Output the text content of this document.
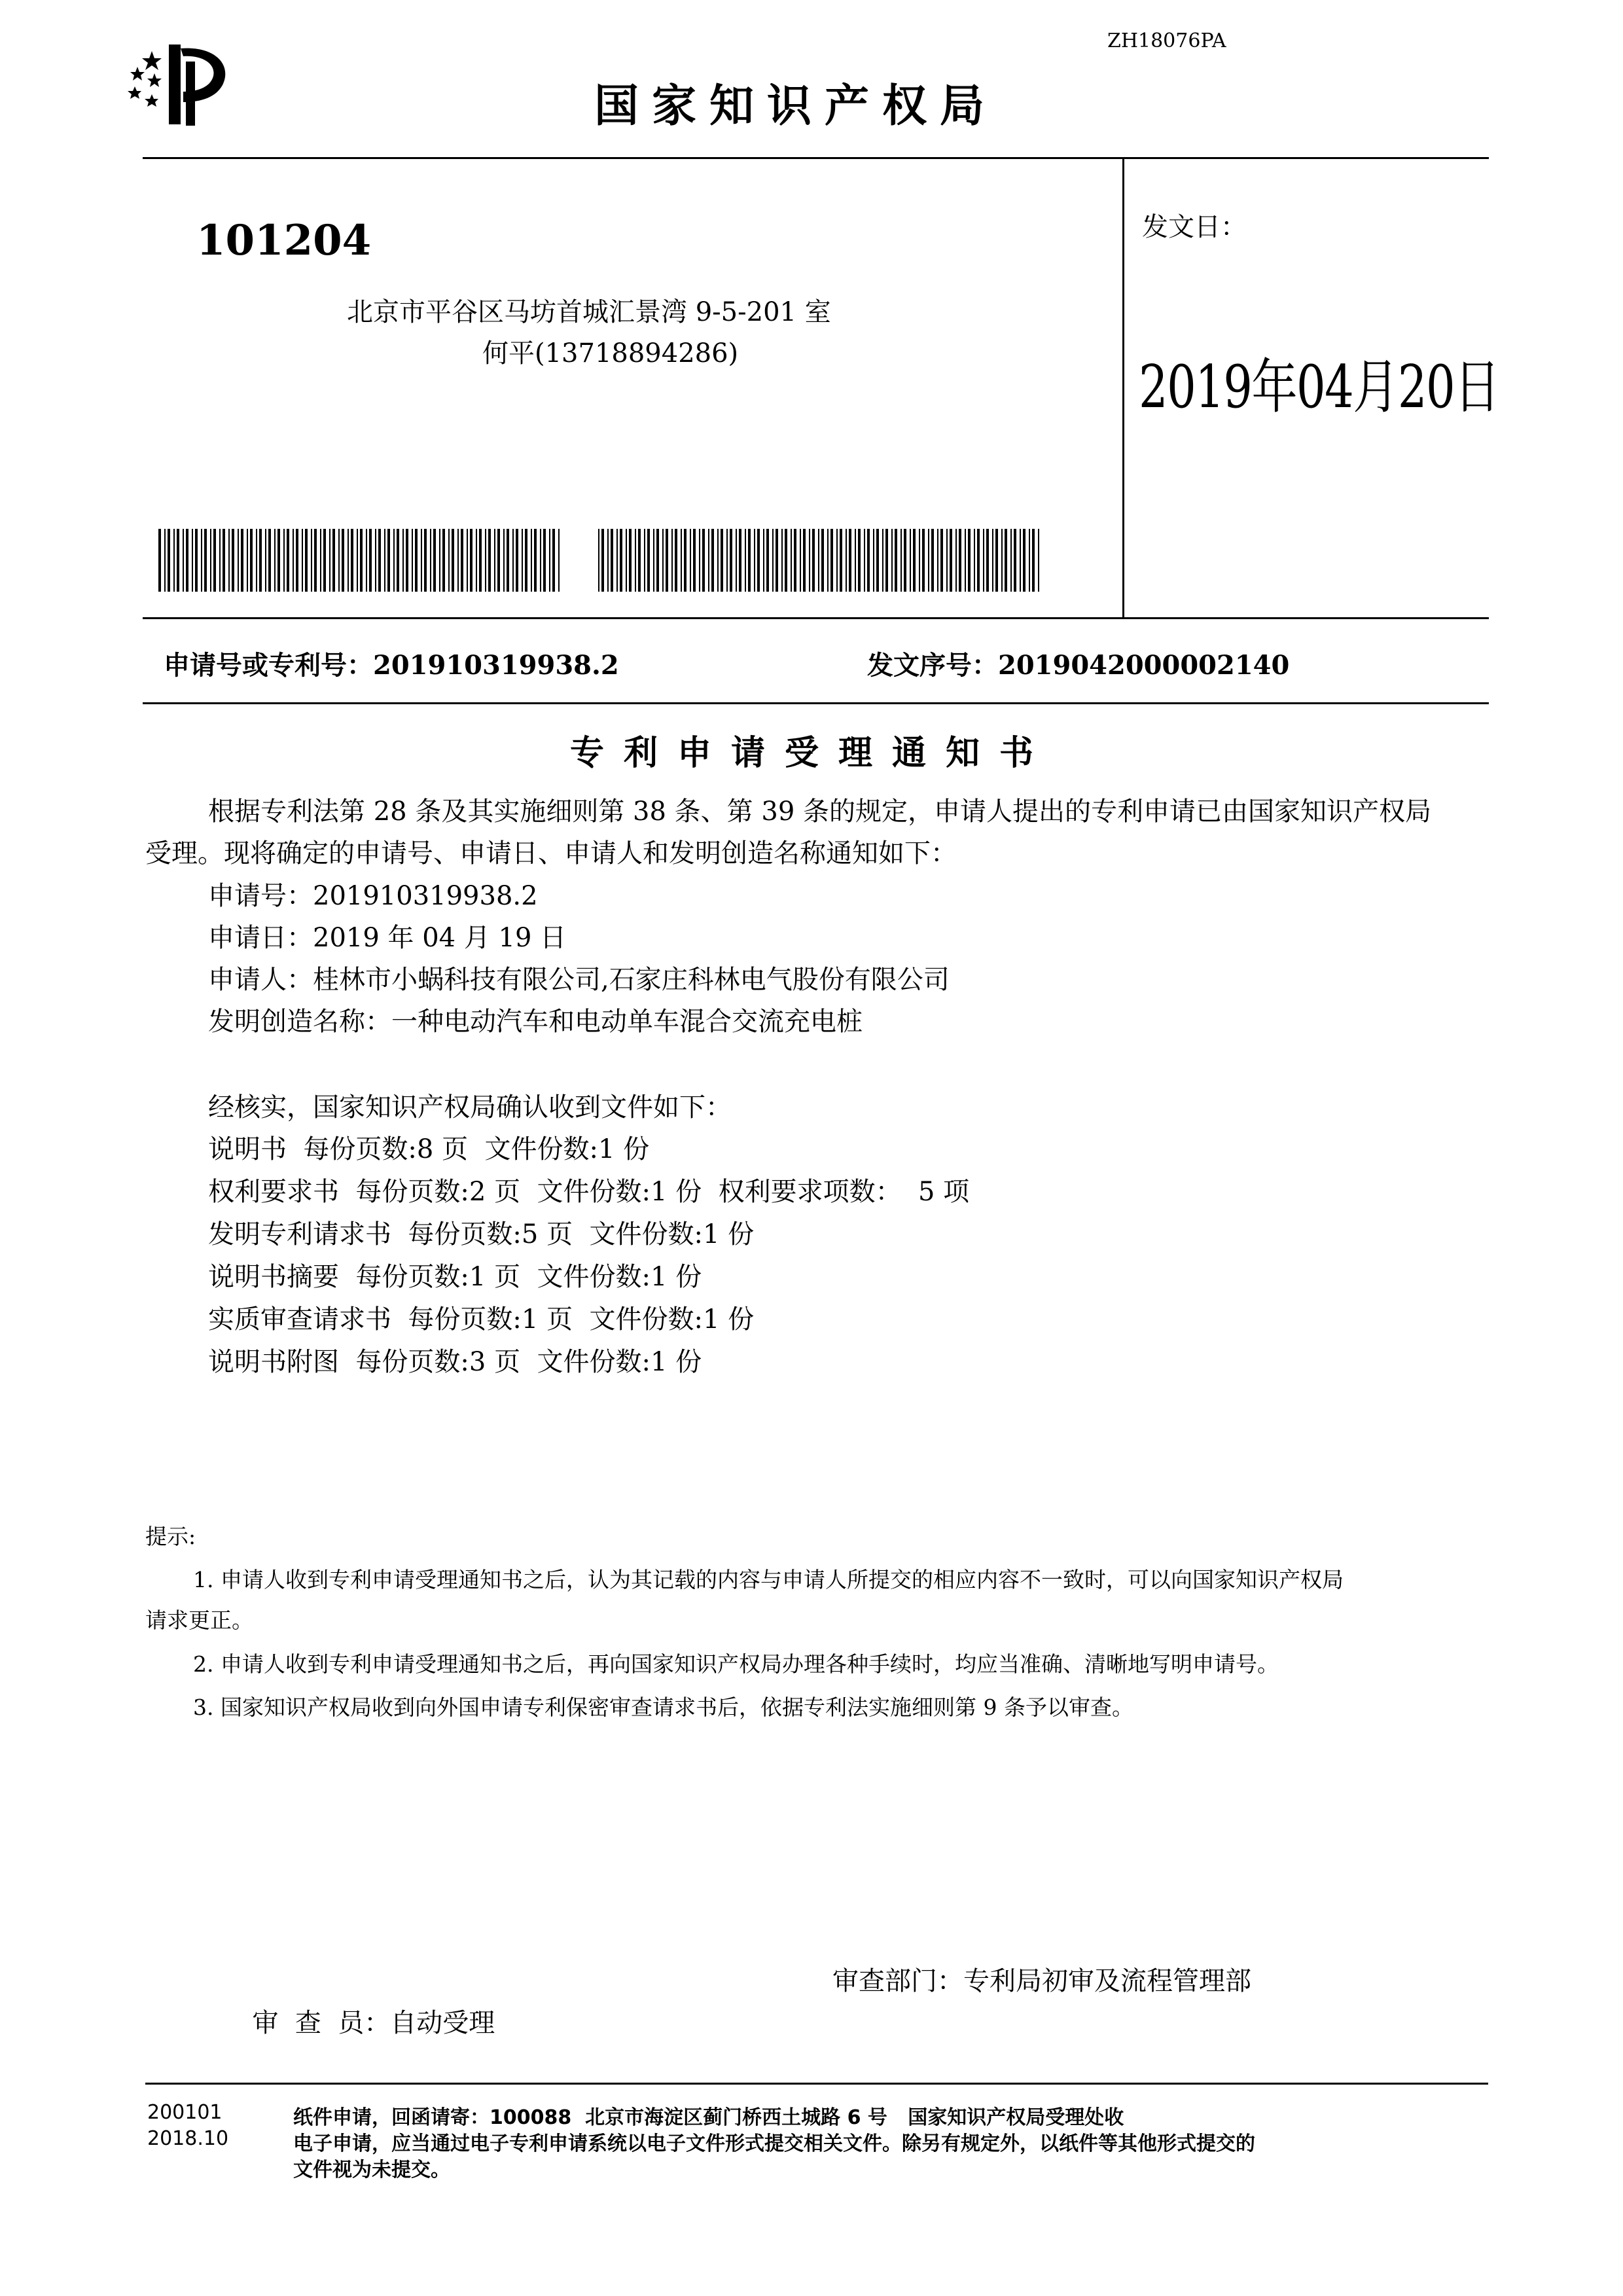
ZH18076PA
国家知识产权局
101204
北京市平谷区马坊首城汇景湾 9-5-201 室
何平(13718894286)
发文日：
2019年04月20日
申请号或专利号：201910319938.2	发文序号：2019042000002140
专利申请受理通知书
根据专利法第 28 条及其实施细则第 38 条、第 39 条的规定，申请人提出的专利申请已由国家知识产权局
受理。现将确定的申请号、申请日、申请人和发明创造名称通知如下：
申请号：201910319938.2
申请日：2019 年 04 月 19 日
申请人：桂林市小蜗科技有限公司,石家庄科林电气股份有限公司
发明创造名称：一种电动汽车和电动单车混合交流充电桩
经核实，国家知识产权局确认收到文件如下：
说明书  每份页数:8 页  文件份数:1 份
权利要求书  每份页数:2 页  文件份数:1 份  权利要求项数：  5 项
发明专利请求书  每份页数:5 页  文件份数:1 份
说明书摘要  每份页数:1 页  文件份数:1 份
实质审查请求书  每份页数:1 页  文件份数:1 份
说明书附图  每份页数:3 页  文件份数:1 份
提示:
1. 申请人收到专利申请受理通知书之后，认为其记载的内容与申请人所提交的相应内容不一致时，可以向国家知识产权局
请求更正。
2. 申请人收到专利申请受理通知书之后，再向国家知识产权局办理各种手续时，均应当准确、清晰地写明申请号。
3. 国家知识产权局收到向外国申请专利保密审查请求书后，依据专利法实施细则第 9 条予以审查。

审  查  员：自动受理

审查部门：专利局初审及流程管理部
200101
2018.10
纸件申请，回函请寄：100088  北京市海淀区蓟门桥西土城路 6 号   国家知识产权局受理处收
电子申请，应当通过电子专利申请系统以电子文件形式提交相关文件。除另有规定外，以纸件等其他形式提交的
文件视为未提交。
